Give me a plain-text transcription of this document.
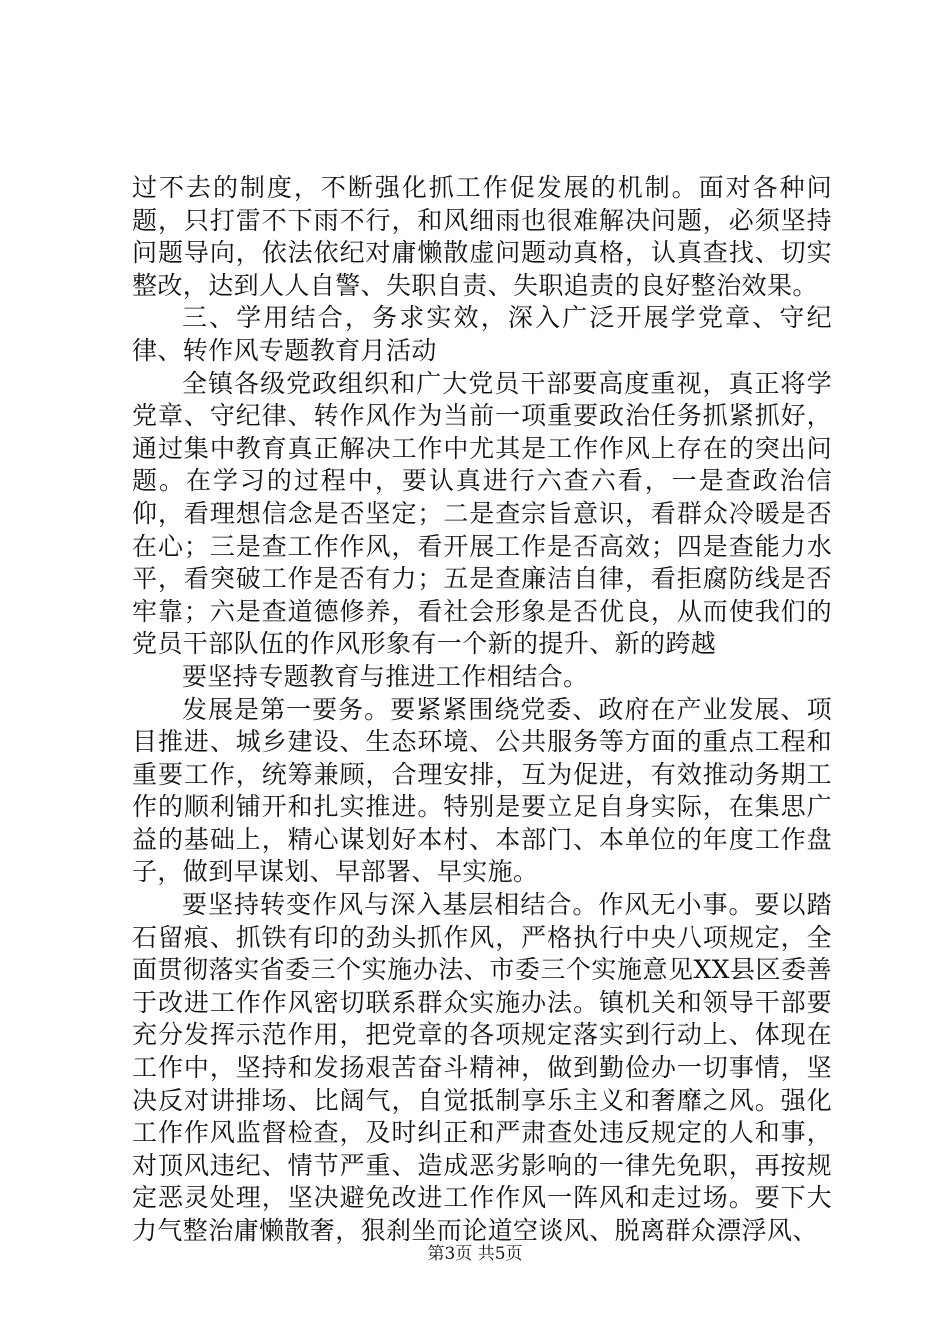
过不去的制度，不断强化抓工作促发展的机制。面对各种问题，只打雷不下雨不行，和风细雨也很难解决问题，必须坚持问题导向，依法依纪对庸懒散虚问题动真格，认真查找、切实整改，达到人人自警、失职自责、失职追责的良好整治效果。

三、学用结合，务求实效，深入广泛开展学党章、守纪律、转作风专题教育月活动

全镇各级党政组织和广大党员干部要高度重视，真正将学党章、守纪律、转作风作为当前一项重要政治任务抓紧抓好，通过集中教育真正解决工作中尤其是工作作风上存在的突出问题。在学习的过程中，要认真进行六查六看，一是查政治信仰，看理想信念是否坚定；二是查宗旨意识，看群众冷暖是否在心；三是查工作作风，看开展工作是否高效；四是查能力水平，看突破工作是否有力；五是查廉洁自律，看拒腐防线是否牢靠；六是查道德修养，看社会形象是否优良，从而使我们的党员干部队伍的作风形象有一个新的提升、新的跨越

要坚持专题教育与推进工作相结合。

发展是第一要务。要紧紧围绕党委、政府在产业发展、项目推进、城乡建设、生态环境、公共服务等方面的重点工程和重要工作，统筹兼顾，合理安排，互为促进，有效推动务期工作的顺利铺开和扎实推进。特别是要立足自身实际，在集思广益的基础上，精心谋划好本村、本部门、本单位的年度工作盘子，做到早谋划、早部署、早实施。

要坚持转变作风与深入基层相结合。作风无小事。要以踏石留痕、抓铁有印的劲头抓作风，严格执行中央八项规定，全面贯彻落实省委三个实施办法、市委三个实施意见XX县区委善于改进工作作风密切联系群众实施办法。镇机关和领导干部要充分发挥示范作用，把党章的各项规定落实到行动上、体现在工作中，坚持和发扬艰苦奋斗精神，做到勤俭办一切事情，坚决反对讲排场、比阔气，自觉抵制享乐主义和奢靡之风。强化工作作风监督检查，及时纠正和严肃查处违反规定的人和事，对顶风违纪、情节严重、造成恶劣影响的一律先免职，再按规定恶灵处理，坚决避免改进工作作风一阵风和走过场。要下大力气整治庸懒散奢，狠刹坐而论道空谈风、脱离群众漂浮风、

第3页 共5页
